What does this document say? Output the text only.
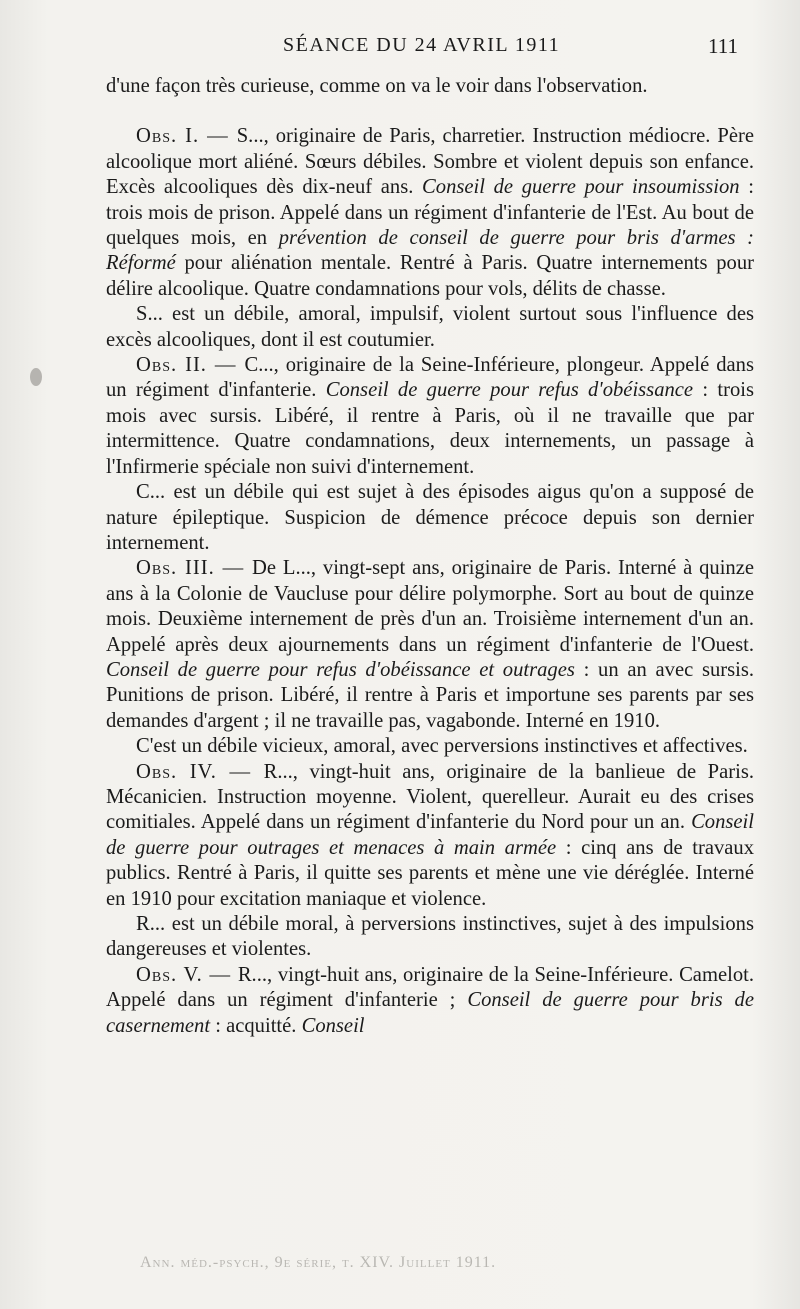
SÉANCE DU 24 AVRIL 1911	111

d'une façon très curieuse, comme on va le voir dans l'observation.

Obs. I. — S..., originaire de Paris, charretier. Instruction médiocre. Père alcoolique mort aliéné. Sœurs débiles. Sombre et violent depuis son enfance. Excès alcooliques dès dix-neuf ans. Conseil de guerre pour insoumission : trois mois de prison. Appelé dans un régiment d'infanterie de l'Est. Au bout de quelques mois, en prévention de conseil de guerre pour bris d'armes : Réformé pour aliénation mentale. Rentré à Paris. Quatre internements pour délire alcoolique. Quatre condamnations pour vols, délits de chasse.

S... est un débile, amoral, impulsif, violent surtout sous l'influence des excès alcooliques, dont il est coutumier.

Obs. II. — C..., originaire de la Seine-Inférieure, plongeur. Appelé dans un régiment d'infanterie. Conseil de guerre pour refus d'obéissance : trois mois avec sursis. Libéré, il rentre à Paris, où il ne travaille que par intermittence. Quatre condamnations, deux internements, un passage à l'Infirmerie spéciale non suivi d'internement.

C... est un débile qui est sujet à des épisodes aigus qu'on a supposé de nature épileptique. Suspicion de démence précoce depuis son dernier internement.

Obs. III. — De L..., vingt-sept ans, originaire de Paris. Interné à quinze ans à la Colonie de Vaucluse pour délire polymorphe. Sort au bout de quinze mois. Deuxième internement de près d'un an. Troisième internement d'un an. Appelé après deux ajournements dans un régiment d'infanterie de l'Ouest. Conseil de guerre pour refus d'obéissance et outrages : un an avec sursis. Punitions de prison. Libéré, il rentre à Paris et importune ses parents par ses demandes d'argent ; il ne travaille pas, vagabonde. Interné en 1910.

C'est un débile vicieux, amoral, avec perversions instinctives et affectives.

Obs. IV. — R..., vingt-huit ans, originaire de la banlieue de Paris. Mécanicien. Instruction moyenne. Violent, querelleur. Aurait eu des crises comitiales. Appelé dans un régiment d'infanterie du Nord pour un an. Conseil de guerre pour outrages et menaces à main armée : cinq ans de travaux publics. Rentré à Paris, il quitte ses parents et mène une vie déréglée. Interné en 1910 pour excitation maniaque et violence.

R... est un débile moral, à perversions instinctives, sujet à des impulsions dangereuses et violentes.

Obs. V. — R..., vingt-huit ans, originaire de la Seine-Inférieure. Camelot. Appelé dans un régiment d'infanterie ; Conseil de guerre pour bris de casernement : acquitté. Conseil

Ann. méd.-psych., 9e série, t. XIV. Juillet 1911.
